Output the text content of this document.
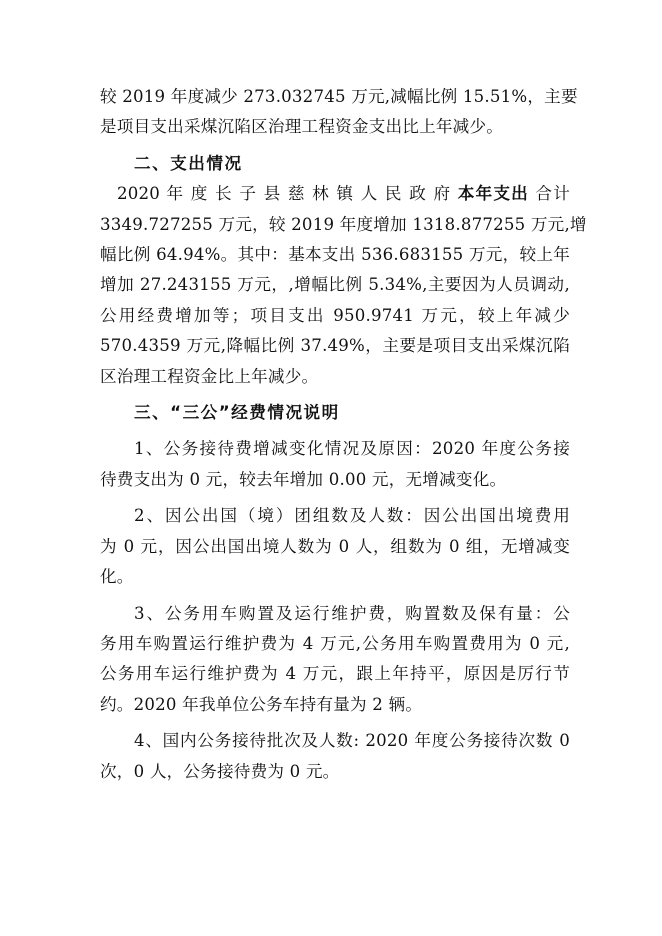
较 2019 年度减少 273.032745 万元,减幅比例 15.51%，主要
是项目支出采煤沉陷区治理工程资金支出比上年减少。

二、支出情况

2020 年 度 长 子 县 慈 林 镇 人 民 政 府 本年支出 合计
3349.727255 万元，较 2019 年度增加 1318.877255 万元,增
幅比例 64.94%。其中：基本支出 536.683155 万元，较上年
增加 27.243155 万元，,增幅比例 5.34%,主要因为人员调动,
公用经费增加等；项目支出 950.9741 万元，较上年减少
570.4359 万元,降幅比例 37.49%，主要是项目支出采煤沉陷
区治理工程资金比上年减少。

三、“三公”经费情况说明

1、公务接待费增减变化情况及原因：2020 年度公务接
待费支出为 0 元，较去年增加 0.00 元，无增减变化。

2、因公出国（境）团组数及人数：因公出国出境费用
为 0 元，因公出国出境人数为 0 人，组数为 0 组，无增减变
化。

3、公务用车购置及运行维护费，购置数及保有量：公
务用车购置运行维护费为 4 万元,公务用车购置费用为 0 元,
公务用车运行维护费为 4 万元，跟上年持平，原因是厉行节
约。2020 年我单位公务车持有量为 2 辆。

4、国内公务接待批次及人数: 2020 年度公务接待次数 0
次，0 人，公务接待费为 0 元。
